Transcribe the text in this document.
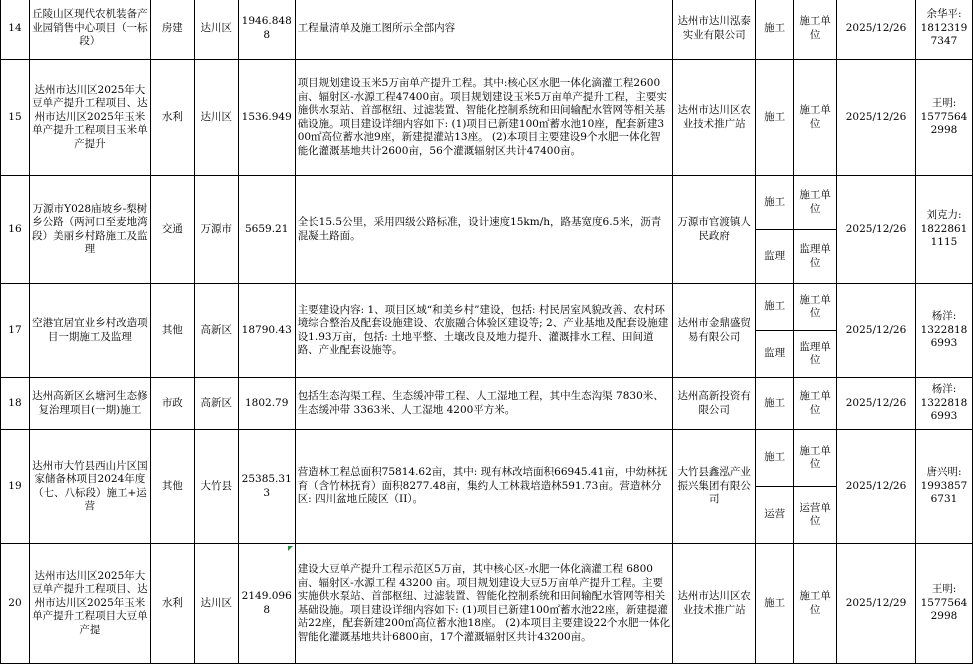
14	丘陵山区现代农机装备产业园销售中心项目（一标段）	房建	达川区	1946.8488	工程量清单及施工图所示全部内容	达州市达川泓泰实业有限公司	施工	施工单位	2025/12/26	余华平:
18123197347
15	达州市达川区2025年大豆单产提升工程项目、达州市达川区2025年玉米单产提升工程项目玉米单产提升	水利	达川区	1536.949	项目规划建设玉米5万亩单产提升工程。其中:核心区水肥一体化滴灌工程2600亩、辐射区-水源工程47400亩。项目规划建设玉米5万亩单产提升工程，主要实施供水泵站、首部枢纽、过滤装置、智能化控制系统和田间输配水管网等相关基础设施。项目建设详细内容如下: (1)项目已新建100㎡蓄水池10座，配套新建300㎡高位蓄水池9座，新建提灌站13座。 (2)本项目主要建设9个水肥一体化智能化灌溉基地共计2600亩，56个灌溉辐射区共计47400亩。	达州市达川区农业技术推广站	施工	施工单位	2025/12/26	王明:
15775642998
16	万源市Y028庙坡乡-梨树乡公路（两河口至麦地湾段）美丽乡村路施工及监理	交通	万源市	5659.21	全长15.5公里，采用四级公路标准，设计速度15km/h，路基宽度6.5米，沥青混凝土路面。	万源市官渡镇人民政府	施工	施工单位	2025/12/26	刘克力:
18228611115
							监理	监理单位		
17	空港宜居宜业乡村改造项目一期施工及监理	其他	高新区	18790.43	主要建设内容: 1、项目区域“和美乡村”建设，包括: 村民居室风貌改善、农村环境综合整治及配套设施建设、农旅融合体验区建设等; 2、产业基地及配套设施建设1.93万亩，包括: 土地平整、土壤改良及地力提升、灌溉排水工程、田间道路、产业配套设施等。	达州市金鼎盛贸易有限公司	施工	施工单位	2025/12/26	杨洋:
13228186993
							监理	监理单位		
18	达州高新区幺塘河生态修复治理项目(一期)施工	市政	高新区	1802.79	包括生态沟渠工程、生态缓冲带工程、人工湿地工程，其中生态沟渠 7830米、生态缓冲带 3363米、人工湿地 4200平方米。	达州高新投资有限公司	施工	施工单位	2025/12/26	杨洋:
13228186993
19	达州市大竹县西山片区国家储备林项目2024年度（七、八标段）施工+运营	其他	大竹县	25385.313	营造林工程总面积75814.62亩，其中: 现有林改培面积66945.41亩，中幼林抚育（含竹林抚育）面积8277.48亩，集约人工林栽培造林591.73亩。营造林分区: 四川盆地丘陵区（II）。	大竹县鑫泓产业振兴集团有限公司	施工	施工单位	2025/12/26	唐兴明:
19938576731
							运营	运营单位		
20	达州市达川区2025年大豆单产提升工程项目、达州市达川区2025年玉米单产提升工程项目大豆单产提	水利	达川区	2149.0968	建设大豆单产提升工程示范区5万亩，其中核心区-水肥一体化滴灌工程 6800亩、辐射区-水源工程 43200 亩。项目规划建设大豆5万亩单产提升工程。主要实施供水泵站、首部枢纽、过滤装置、智能化控制系统和田间输配水管网等相关基础设施。项目建设详细内容如下: (1)项目已新建100㎡蓄水池22座，新建提灌站22座，配套新建200㎡高位蓄水池18座。 (2)本项目主要建设22个水肥一体化智能化灌溉基地共计6800亩，17个灌溉辐射区共计43200亩。	达州市达川区农业技术推广站	施工	施工单位	2025/12/29	王明:
15775642998
